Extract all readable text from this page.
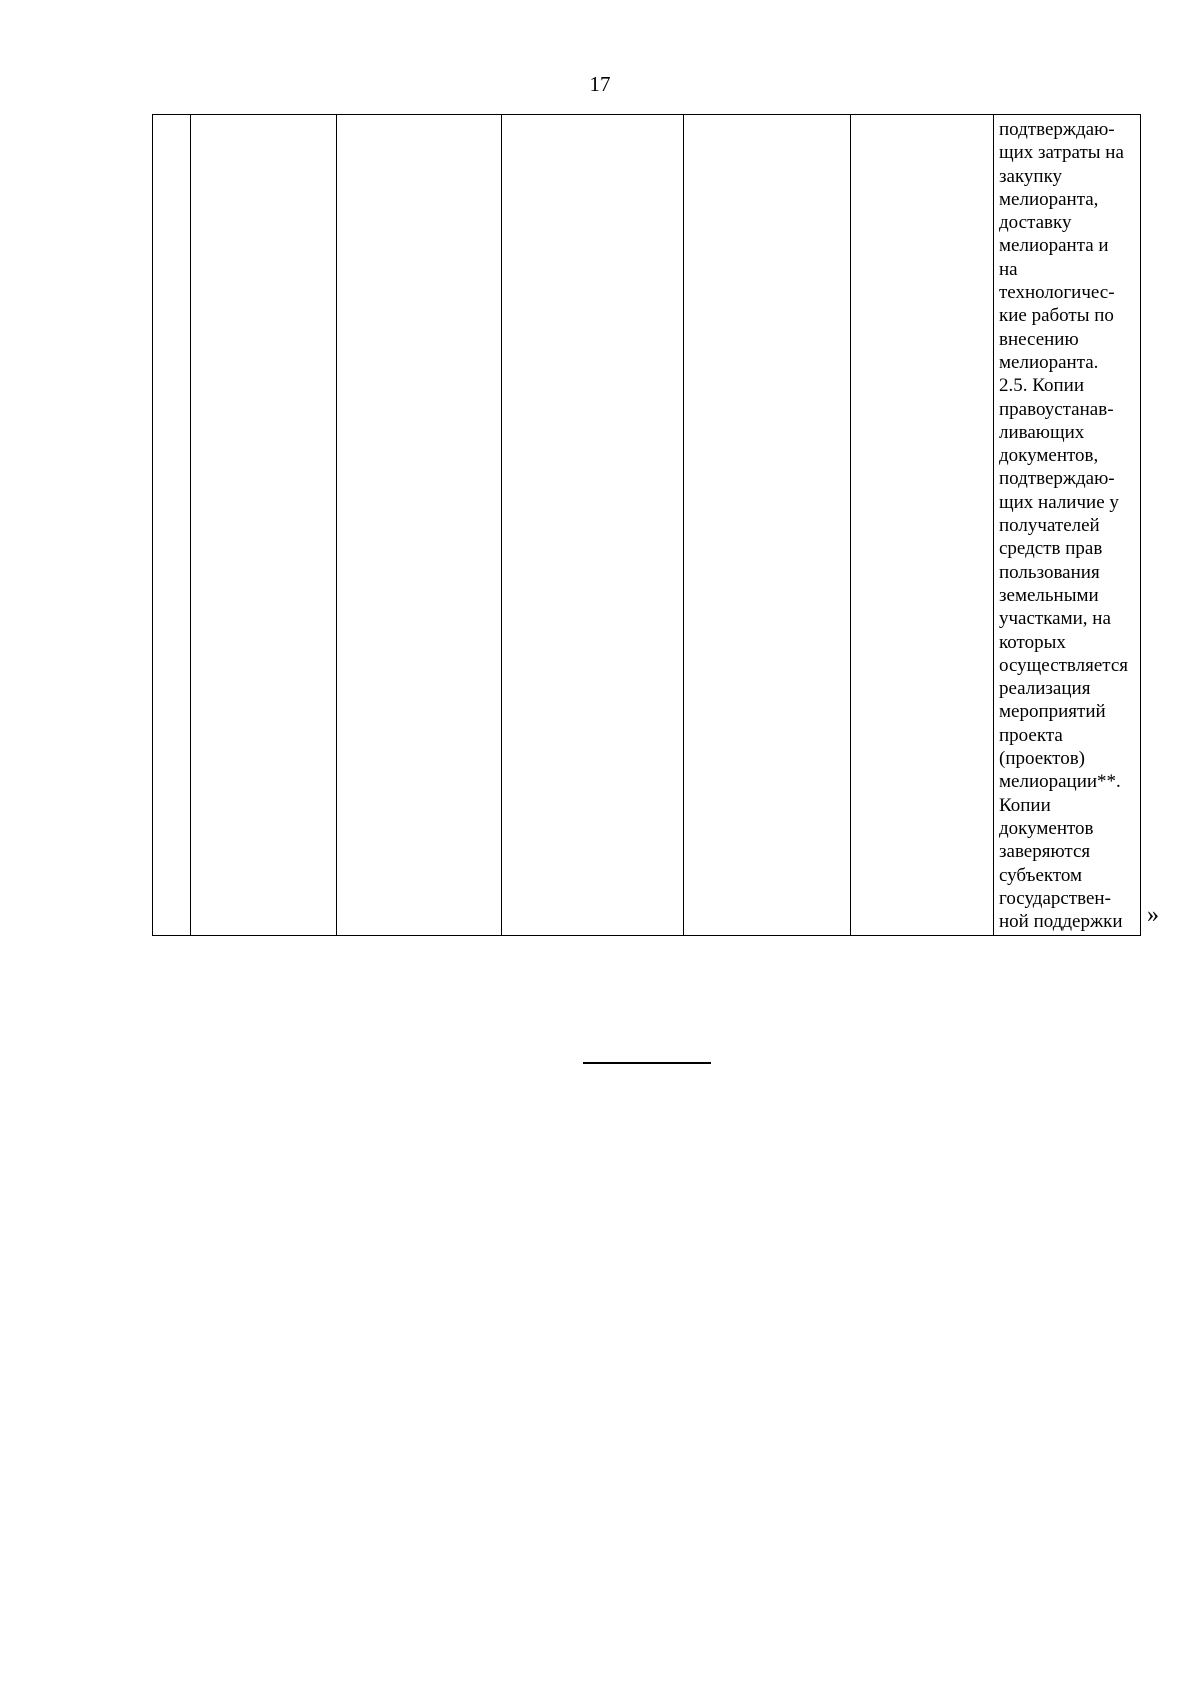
17

подтверждаю-
щих затраты на
закупку
мелиоранта,
доставку
мелиоранта и
на
технологичес-
кие работы по
внесению
мелиоранта.
2.5. Копии
правоустанав-
ливающих
документов,
подтверждаю-
щих наличие у
получателей
средств прав
пользования
земельными
участками, на
которых
осуществляется
реализация
мероприятий
проекта
(проектов)
мелиорации**.
Копии
документов
заверяются
субъектом
государствен-
ной поддержки	»
